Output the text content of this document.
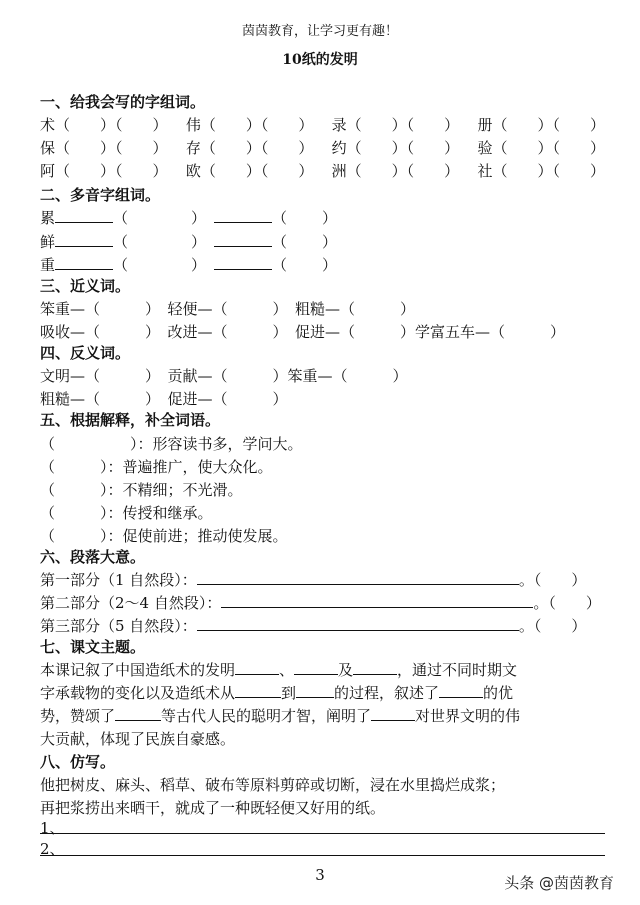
茵茵教育，让学习更有趣！
10纸的发明
一、给我会写的字组词。
术（　　）（　　） 伟（　　）（　　） 录（　　）（　　） 册（　　）（　　）
保（　　）（　　） 存（　　）（　　） 约（　　）（　　） 验（　　）（　　）
阿（　　）（　　） 欧（　　）（　　） 洲（　　）（　　） 社（　　）（　　）
二、多音字组词。
累	（	）	（ ）
鲜	（	）	（ ）
重	（	）	（ ）
三、近义词。
笨重—（　　　）　轻便—（　　　）　粗糙—（　　　）
吸收—（　　　）　改进—（　　　）　促进—（　　　）学富五车—（　　　）
四、反义词。
文明—（　　　）　贡献—（　　　）笨重—（　　　）
粗糙—（　　　）　促进—（　　　）
五、根据解释，补全词语。
（　　　　　）：形容读书多，学问大。
（　　　）：普遍推广，使大众化。
（　　　）：不精细；不光滑。
（　　　）：传授和继承。
（　　　）：促使前进；推动使发展。
六、段落大意。
第一部分（1 自然段）：	。（　　）
第二部分（2～4 自然段）：	。（　　）
第三部分（5 自然段）：	。（　　）
七、课文主题。
本课记叙了中国造纸术的发明	、	及	，通过不同时期文
字承载物的变化以及造纸术从	到	的过程，叙述了	的优
势，赞颂了	等古代人民的聪明才智，阐明了	对世界文明的伟
大贡献，体现了民族自豪感。
八、仿写。
他把树皮、麻头、稻草、破布等原料剪碎或切断，浸在水里捣烂成浆；
再把浆捞出来晒干，就成了一种既轻便又好用的纸。
1、
2、
3	头条 @茵茵教育
